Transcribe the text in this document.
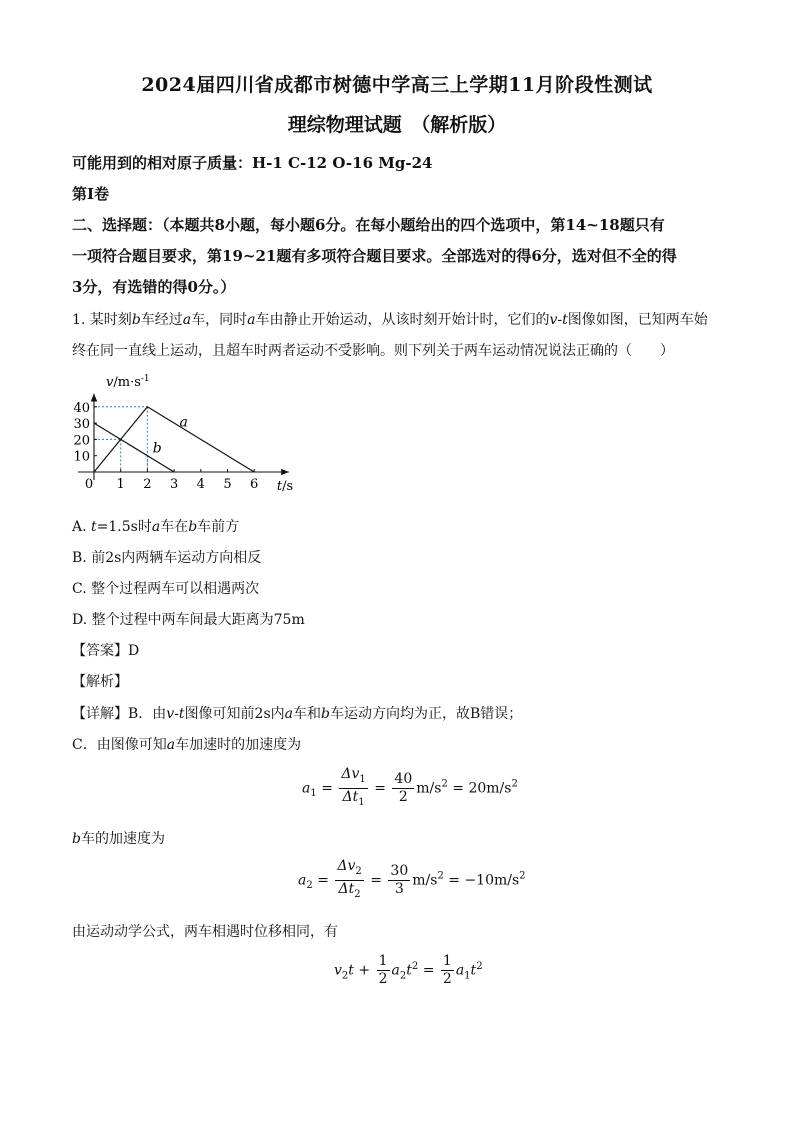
2024届四川省成都市树德中学高三上学期11月阶段性测试
理综物理试题　（解析版）
可能用到的相对原子质量：H-1 C-12 O-16 Mg-24
第Ⅰ卷
二、选择题：（本题共8小题，每小题6分。在每小题给出的四个选项中，第14~18题只有
一项符合题目要求，第19~21题有多项符合题目要求。全部选对的得6分，选对但不全的得
3分，有选错的得0分。）
1. 某时刻b车经过a车，同时a车由静止开始运动，从该时刻开始计时，它们的v-t图像如图，已知两车始
终在同一直线上运动，且超车时两者运动不受影响。则下列关于两车运动情况说法正确的（　　）
1 2 3 4 5 6
10
20
30
40
0
$v/m\cdot s^{-1}$
t/s
a
b
A. t=1.5s时a车在b车前方
B. 前2s内两辆车运动方向相反
C. 整个过程两车可以相遇两次
D. 整个过程中两车间最大距离为75m
【答案】D
【解析】
【详解】B．由v-t图像可知前2s内a车和b车运动方向均为正，故B错误；
C．由图像可知a车加速时的加速度为
$a_1 = \frac{\Delta v_1}{\Delta t_1} = \frac{40}{2} m/s^2 = 20m/s^2$
b车的加速度为
$a_2 = \frac{\Delta v_2}{\Delta t_2} = \frac{30}{3} m/s^2 = -10m/s^2$
由运动动学公式，两车相遇时位移相同，有
$v_2t + \frac{1}{2} a_2t^2 = \frac{1}{2} a_1t^2$
